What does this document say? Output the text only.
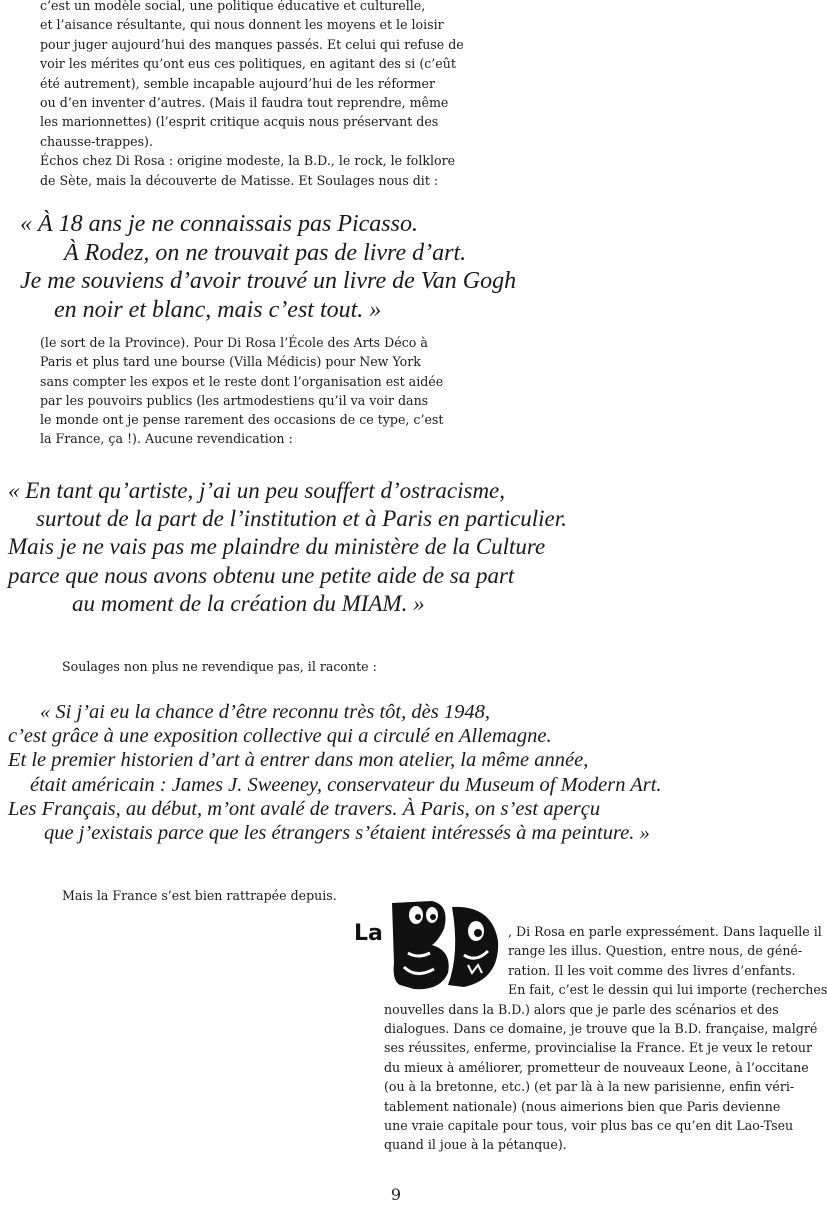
c’est un modèle social, une politique éducative et culturelle,
et l’aisance résultante, qui nous donnent les moyens et le loisir
pour juger aujourd’hui des manques passés. Et celui qui refuse de
voir les mérites qu’ont eus ces politiques, en agitant des si (c’eût
été autrement), semble incapable aujourd’hui de les réformer
ou d’en inventer d’autres. (Mais il faudra tout reprendre, même
les marionnettes) (l’esprit critique acquis nous préservant des
chausse-trappes).
Échos chez Di Rosa : origine modeste, la B.D., le rock, le folklore
de Sète, mais la découverte de Matisse. Et Soulages nous dit :
« À 18 ans je ne connaissais pas Picasso.
À Rodez, on ne trouvait pas de livre d’art.
Je me souviens d’avoir trouvé un livre de Van Gogh
en noir et blanc, mais c’est tout. »
(le sort de la Province). Pour Di Rosa l’École des Arts Déco à
Paris et plus tard une bourse (Villa Médicis) pour New York
sans compter les expos et le reste dont l’organisation est aidée
par les pouvoirs publics (les artmodestiens qu’il va voir dans
le monde ont je pense rarement des occasions de ce type, c’est
la France, ça !). Aucune revendication :
« En tant qu’artiste, j’ai un peu souffert d’ostracisme,
surtout de la part de l’institution et à Paris en particulier.
Mais je ne vais pas me plaindre du ministère de la Culture
parce que nous avons obtenu une petite aide de sa part
au moment de la création du MIAM. »
Soulages non plus ne revendique pas, il raconte :
« Si j’ai eu la chance d’être reconnu très tôt, dès 1948,
c’est grâce à une exposition collective qui a circulé en Allemagne.
Et le premier historien d’art à entrer dans mon atelier, la même année,
était américain : James J. Sweeney, conservateur du Museum of Modern Art.
Les Français, au début, m’ont avalé de travers. À Paris, on s’est aperçu
que j’existais parce que les étrangers s’étaient intéressés à ma peinture. »
Mais la France s’est bien rattrapée depuis.
La	, Di Rosa en parle expressément. Dans laquelle il
range les illus. Question, entre nous, de géné-
ration. Il les voit comme des livres d’enfants.
En fait, c’est le dessin qui lui importe (recherches
nouvelles dans la B.D.) alors que je parle des scénarios et des
dialogues. Dans ce domaine, je trouve que la B.D. française, malgré
ses réussites, enferme, provincialise la France. Et je veux le retour
du mieux à améliorer, prometteur de nouveaux Leone, à l’occitane
(ou à la bretonne, etc.) (et par là à la new parisienne, enfin véri-
tablement nationale) (nous aimerions bien que Paris devienne
une vraie capitale pour tous, voir plus bas ce qu’en dit Lao-Tseu
quand il joue à la pétanque).
9
